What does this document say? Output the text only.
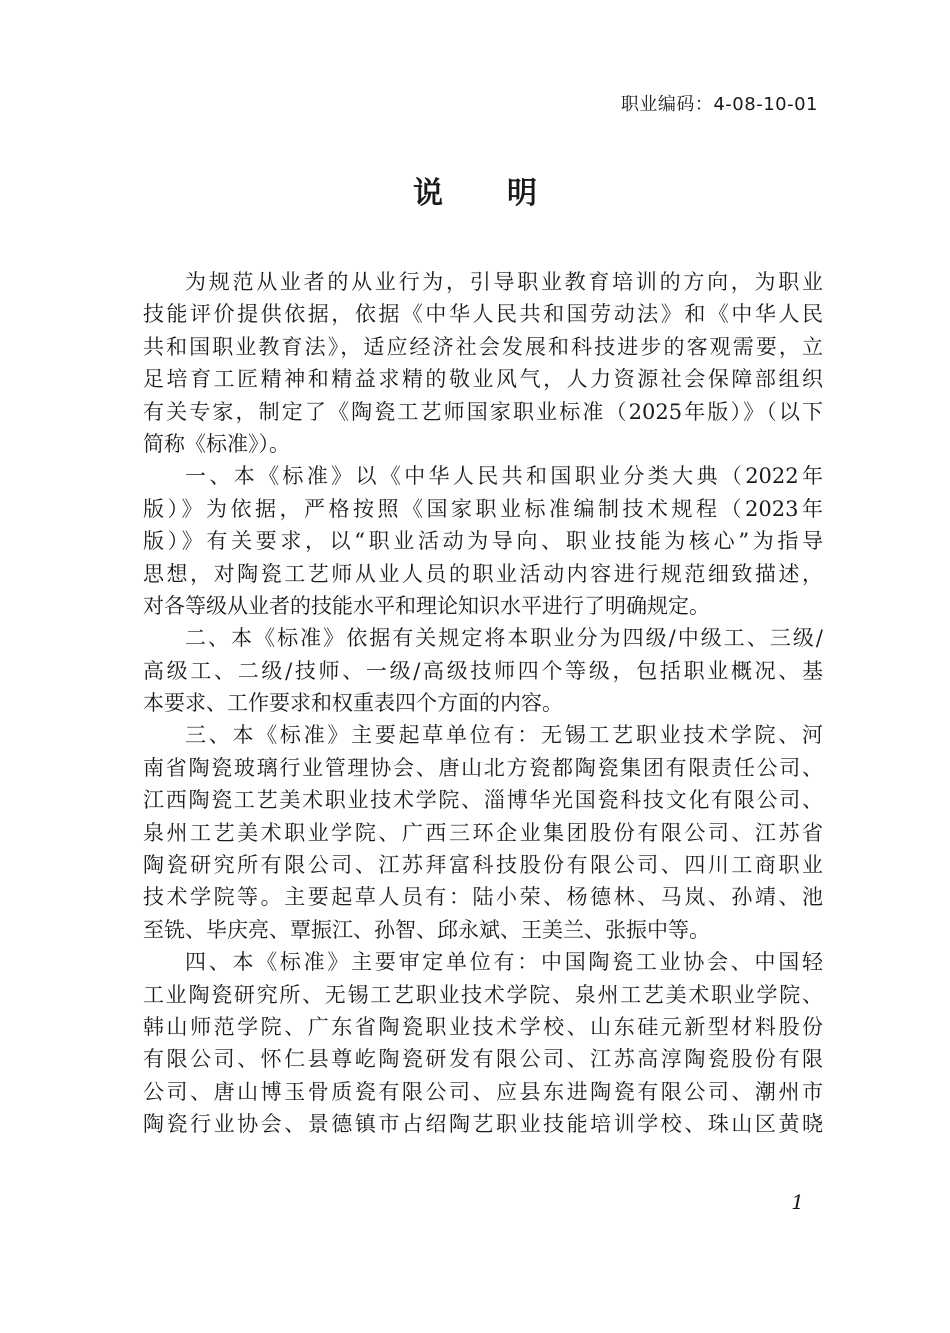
职业编码：4-08-10-01
说明
为规范从业者的从业行为，引导职业教育培训的方向，为职业
技能评价提供依据，依据《中华人民共和国劳动法》和《中华人民
共和国职业教育法》，适应经济社会发展和科技进步的客观需要，立
足培育工匠精神和精益求精的敬业风气，人力资源社会保障部组织
有关专家，制定了《陶瓷工艺师国家职业标准（2025年版）》（以下
简称《标准》）。
一、本《标准》以《中华人民共和国职业分类大典（2022年
版）》为依据，严格按照《国家职业标准编制技术规程（2023年
版）》有关要求，以“职业活动为导向、职业技能为核心”为指导
思想，对陶瓷工艺师从业人员的职业活动内容进行规范细致描述，
对各等级从业者的技能水平和理论知识水平进行了明确规定。
二、本《标准》依据有关规定将本职业分为四级/中级工、三级/
高级工、二级/技师、一级/高级技师四个等级，包括职业概况、基
本要求、工作要求和权重表四个方面的内容。
三、本《标准》主要起草单位有：无锡工艺职业技术学院、河
南省陶瓷玻璃行业管理协会、唐山北方瓷都陶瓷集团有限责任公司、
江西陶瓷工艺美术职业技术学院、淄博华光国瓷科技文化有限公司、
泉州工艺美术职业学院、广西三环企业集团股份有限公司、江苏省
陶瓷研究所有限公司、江苏拜富科技股份有限公司、四川工商职业
技术学院等。主要起草人员有：陆小荣、杨德林、马岚、孙靖、池
至铣、毕庆亮、覃振江、孙智、邱永斌、王美兰、张振中等。
四、本《标准》主要审定单位有：中国陶瓷工业协会、中国轻
工业陶瓷研究所、无锡工艺职业技术学院、泉州工艺美术职业学院、
韩山师范学院、广东省陶瓷职业技术学校、山东硅元新型材料股份
有限公司、怀仁县尊屹陶瓷研发有限公司、江苏高淳陶瓷股份有限
公司、唐山博玉骨质瓷有限公司、应县东进陶瓷有限公司、潮州市
陶瓷行业协会、景德镇市占绍陶艺职业技能培训学校、珠山区黄晓
1
